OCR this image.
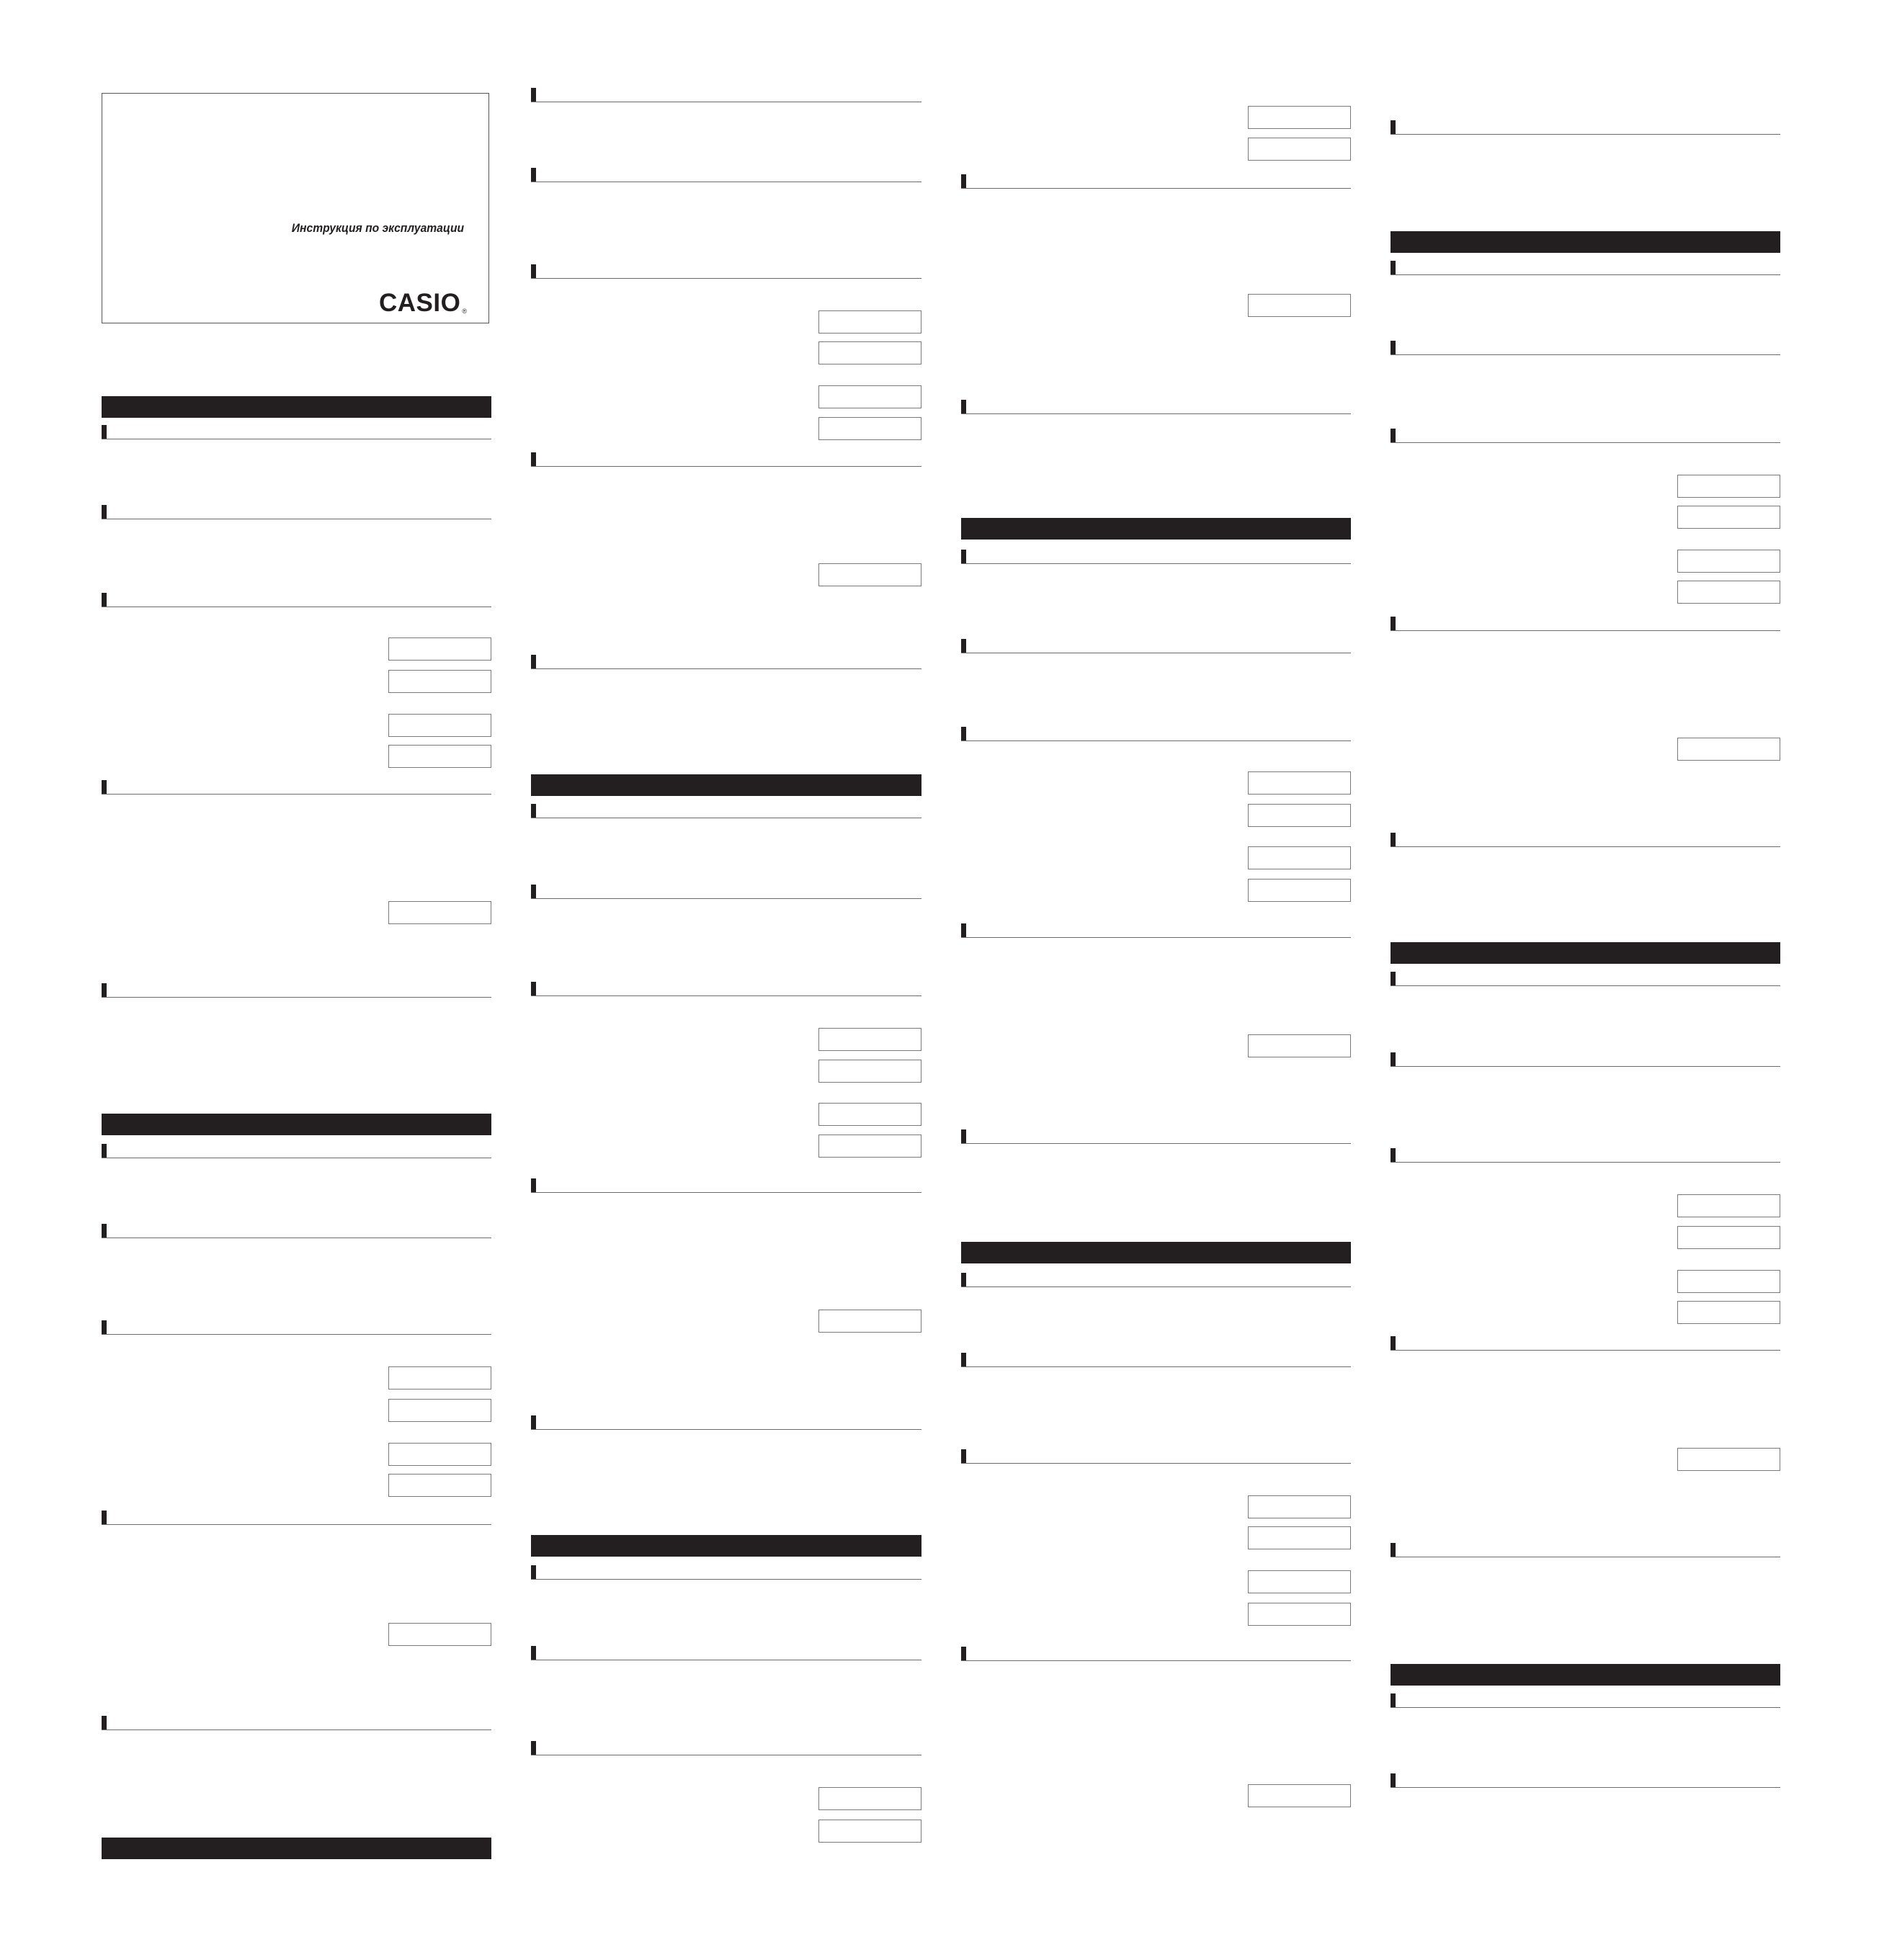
Инструкция по эксплуатации
CASIO ®
